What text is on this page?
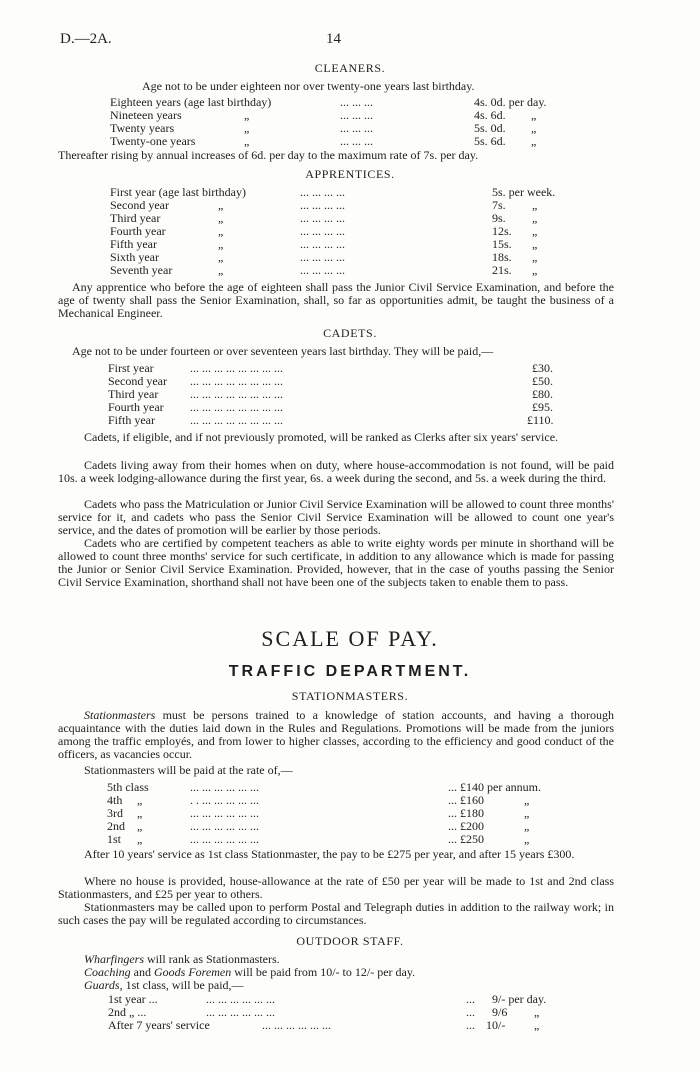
D.—2A.	14
CLEANERS.
Age not to be under eighteen nor over twenty-one years last birthday.
Eighteen years (age last birthday)	... ... ...	4s. 0d. per day.
Nineteen years	„	... ... ...	4s. 6d. „
Twenty years	„	... ... ...	5s. 0d. „
Twenty-one years	„	... ... ...	5s. 6d. „
Thereafter rising by annual increases of 6d. per day to the maximum rate of 7s. per day.
APPRENTICES.
First year (age last birthday)	... ... ... ...	5s. per week.
Second year	„	... ... ... ...	7s. „
Third year	„	... ... ... ...	9s. „
Fourth year	„	... ... ... ...	12s. „
Fifth year	„	... ... ... ...	15s. „
Sixth year	„	... ... ... ...	18s. „
Seventh year	„	... ... ... ...	21s. „
Any apprentice who before the age of eighteen shall pass the Junior Civil Service Examination, and before the age of twenty shall pass the Senior Examination, shall, so far as opportunities admit, be taught the business of a Mechanical Engineer.
CADETS.
Age not to be under fourteen or over seventeen years last birthday. They will be paid,—
First year	... ... ... ... ... ... ... ...	£30.
Second year ... ... ... ... ... ... ... ...	£50.
Third year	... ... ... ... ... ... ... ...	£80.
Fourth year ... ... ... ... ... ... ... ...	£95.
Fifth year	... ... ... ... ... ... ... ...	£110.
Cadets, if eligible, and if not previously promoted, will be ranked as Clerks after six years' service.
Cadets living away from their homes when on duty, where house-accommodation is not found, will be paid 10s. a week lodging-allowance during the first year, 6s. a week during the second, and 5s. a week during the third.
Cadets who pass the Matriculation or Junior Civil Service Examination will be allowed to count three months' service for it, and cadets who pass the Senior Civil Service Examination will be allowed to count one year's service, and the dates of promotion will be earlier by those periods.
Cadets who are certified by competent teachers as able to write eighty words per minute in shorthand will be allowed to count three months' service for such certificate, in addition to any allowance which is made for passing the Junior or Senior Civil Service Examination. Provided, however, that in the case of youths passing the Senior Civil Service Examination, shorthand shall not have been one of the subjects taken to enable them to pass.
SCALE OF PAY.
TRAFFIC DEPARTMENT.
STATIONMASTERS.
Stationmasters must be persons trained to a knowledge of station accounts, and having a thorough acquaintance with the duties laid down in the Rules and Regulations. Promotions will be made from the juniors among the traffic employés, and from lower to higher classes, according to the efficiency and good conduct of the officers, as vacancies occur.
Stationmasters will be paid at the rate of,—
5th class	... ... ... ... ... ...	... £140 per annum.
4th „	. . ... ... ... ... ...	... £160	„
3rd „	... ... ... ... ... ...	... £180	„
2nd „	... ... ... ... ... ...	... £200	„
1st „	... ... ... ... ... ...	... £250	„
After 10 years' service as 1st class Stationmaster, the pay to be £275 per year, and after 15 years £300.
Where no house is provided, house-allowance at the rate of £50 per year will be made to 1st and 2nd class Stationmasters, and £25 per year to others.
Stationmasters may be called upon to perform Postal and Telegraph duties in addition to the railway work; in such cases the pay will be regulated according to circumstances.
OUTDOOR STAFF.
Wharfingers will rank as Stationmasters.
Coaching and Goods Foremen will be paid from 10/- to 12/- per day.
Guards, 1st class, will be paid,—
1st year ...	... ... ... ... ... ...	... 9/- per day.
2nd „ ...	... ... ... ... ... ...	... 9/6 „
After 7 years' service	... ... ... ... ... ...	... 10/- „
